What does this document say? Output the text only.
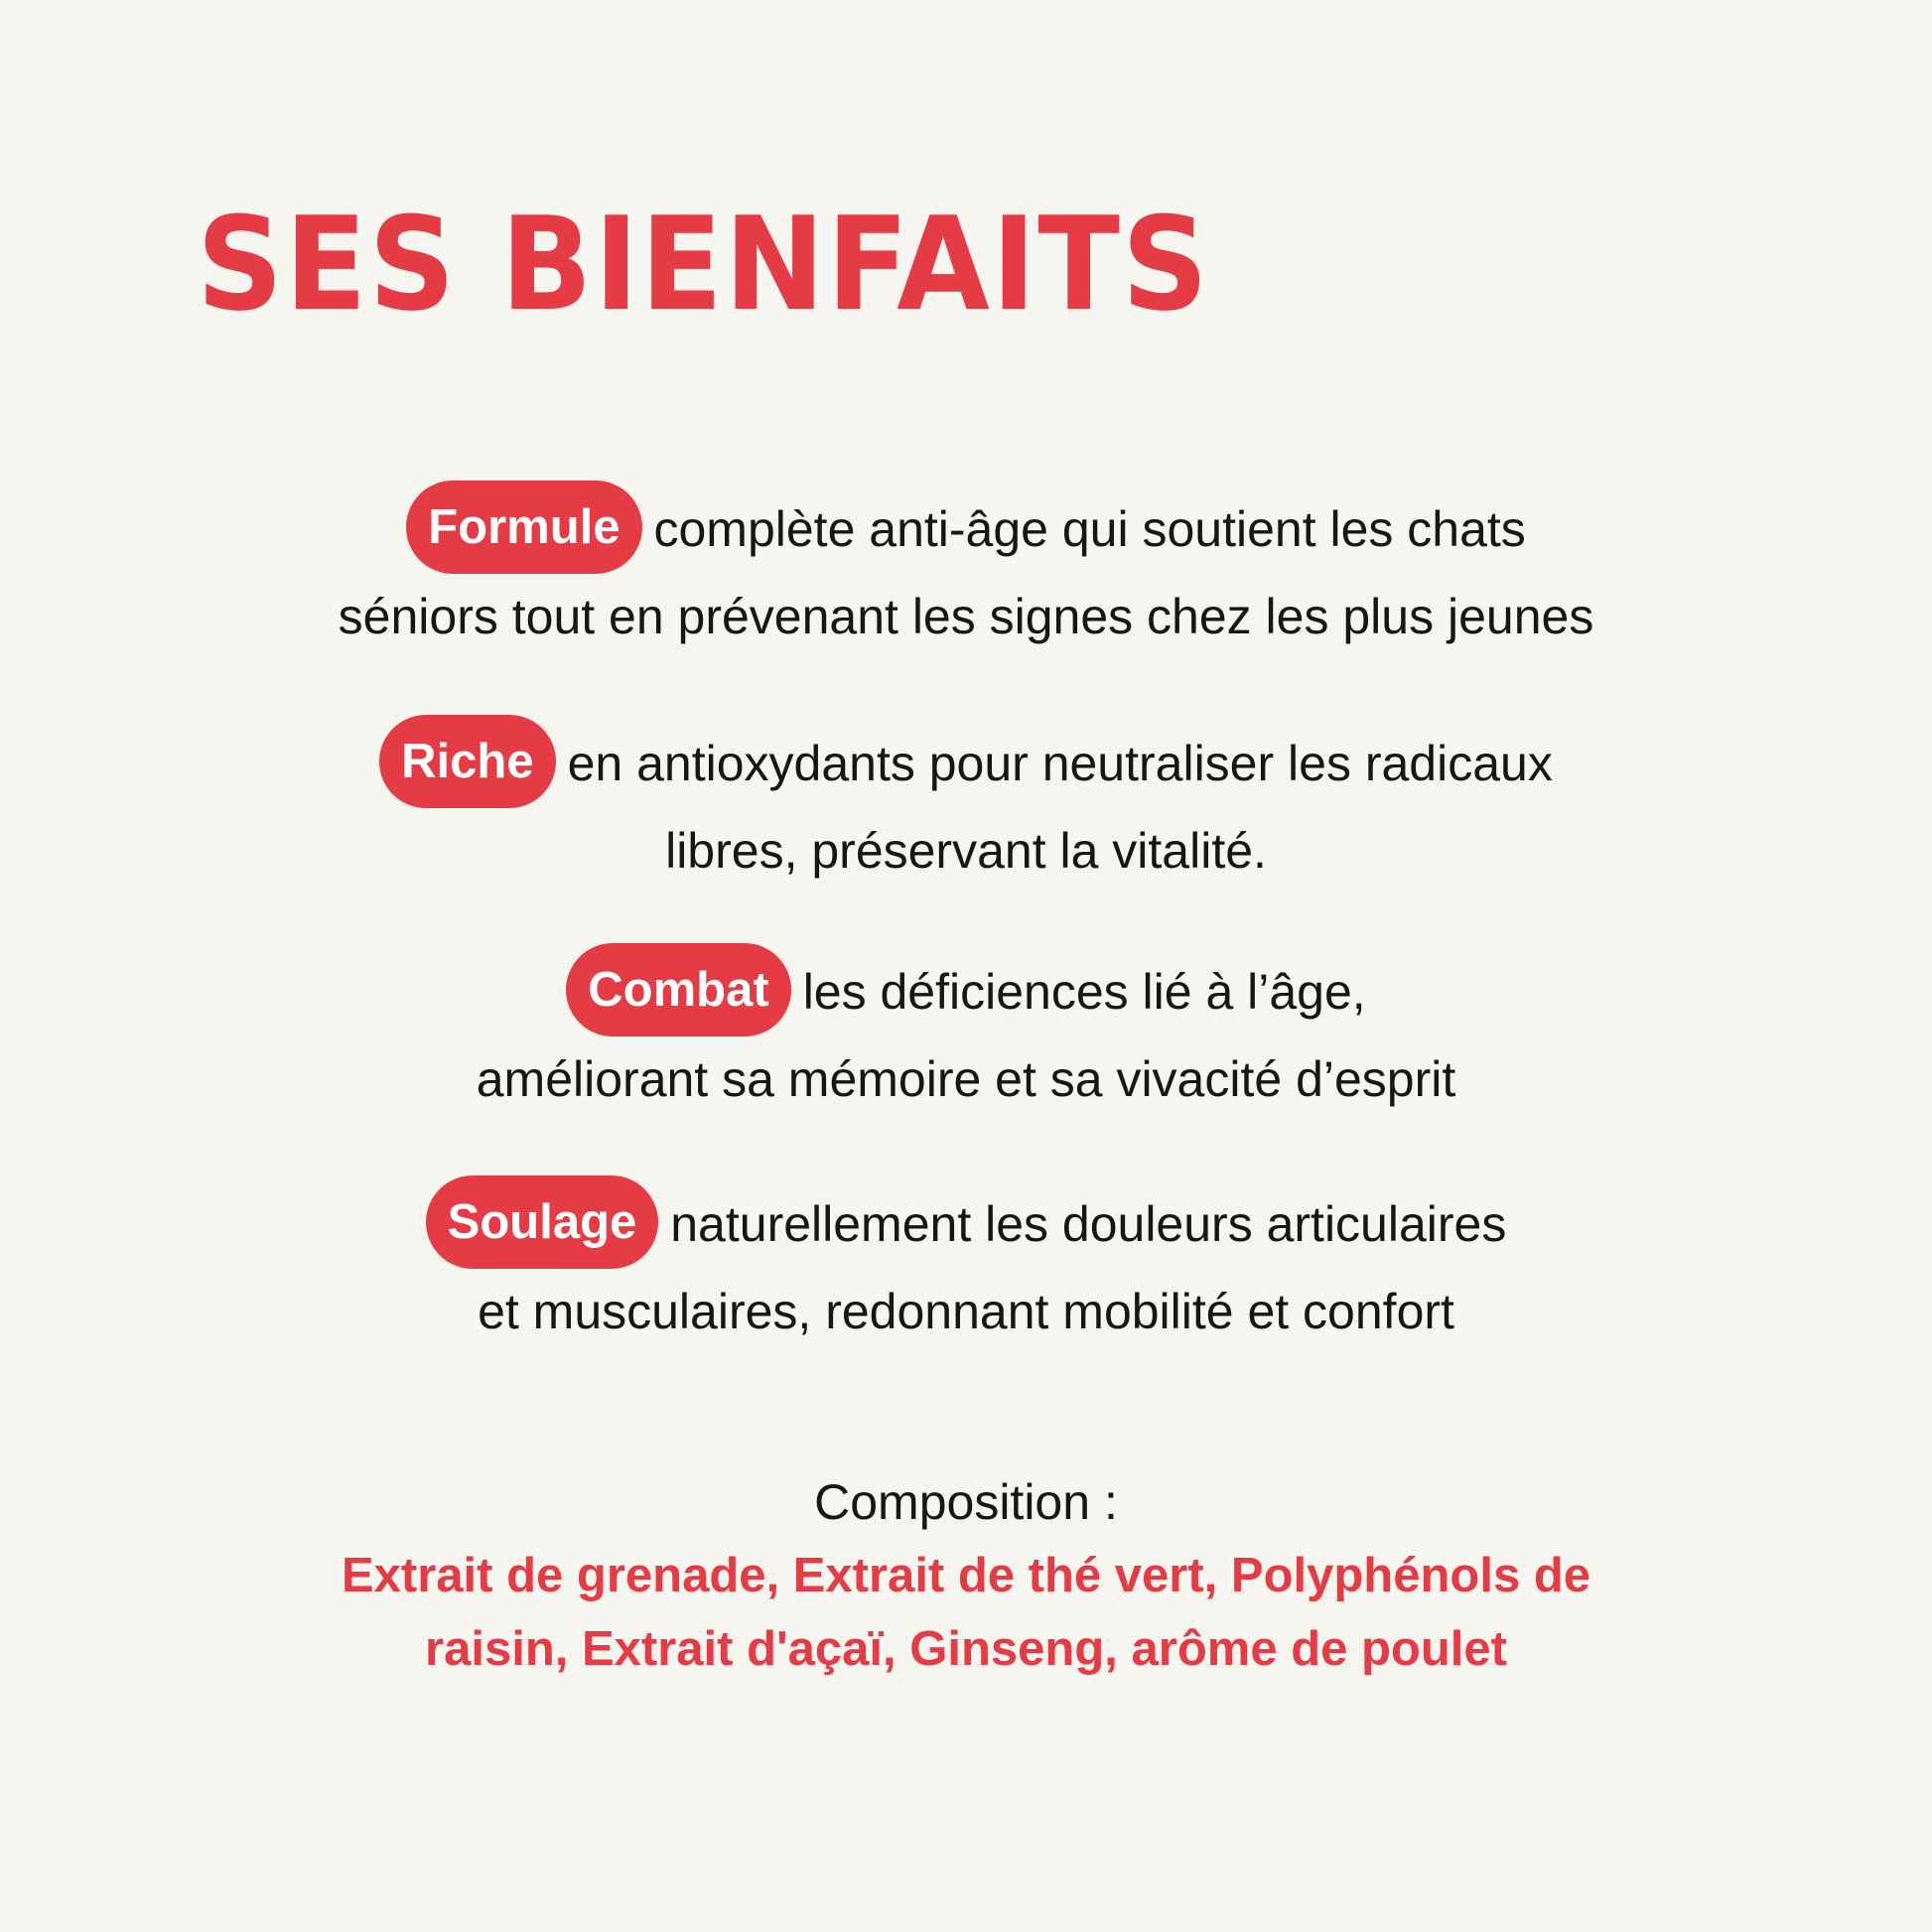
SES BIENFAITS

Formule complète anti-âge qui soutient les chats
séniors tout en prévenant les signes chez les plus jeunes

Riche en antioxydants pour neutraliser les radicaux
libres, préservant la vitalité.

Combat les déficiences lié à l’âge,
améliorant sa mémoire et sa vivacité d’esprit

Soulage naturellement les douleurs articulaires
et musculaires, redonnant mobilité et confort

Composition :

Extrait de grenade, Extrait de thé vert, Polyphénols de
raisin, Extrait d'açaï, Ginseng, arôme de poulet
